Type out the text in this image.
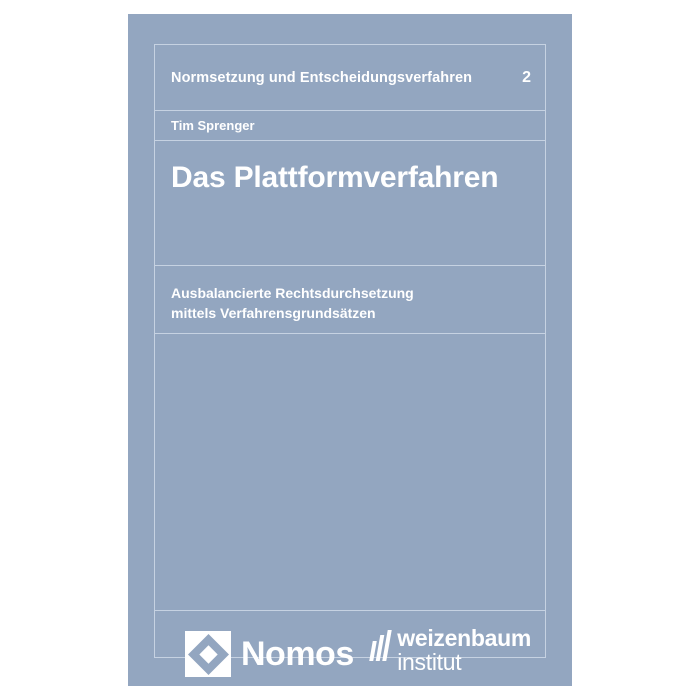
Normsetzung und Entscheidungsverfahren	2
Tim Sprenger
Das Plattformverfahren
Ausbalancierte Rechtsdurchsetzung
mittels Verfahrensgrundsätzen
Nomos weizenbaum
institut
